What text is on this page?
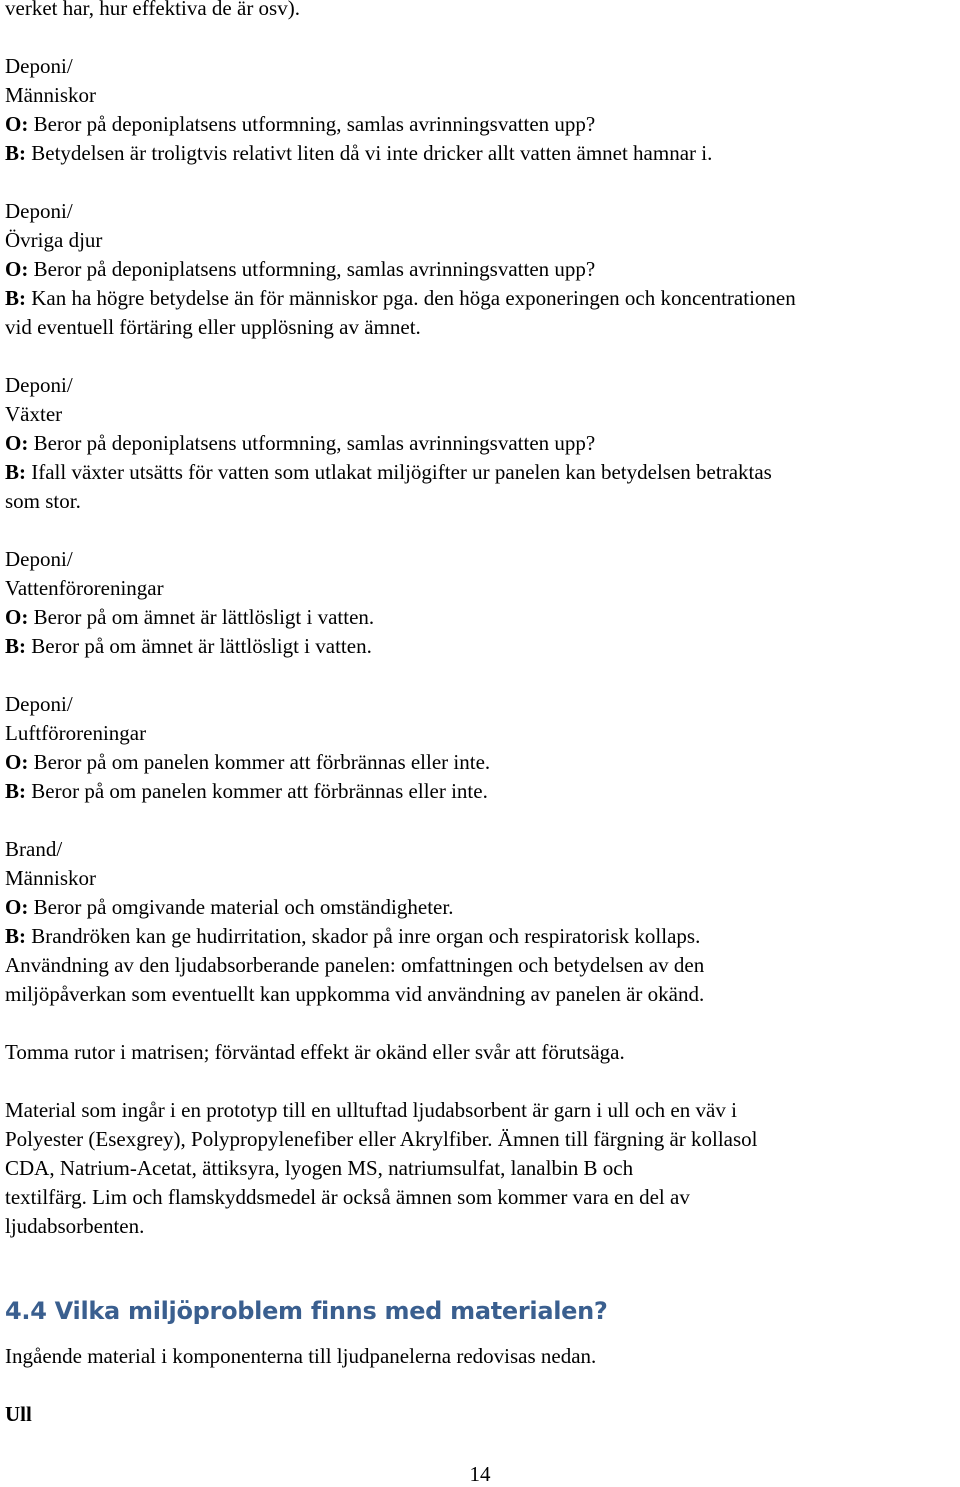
verket har, hur effektiva de är osv).

Deponi/

Människor

O: Beror på deponiplatsens utformning, samlas avrinningsvatten upp?

B: Betydelsen är troligtvis relativt liten då vi inte dricker allt vatten ämnet hamnar i.

Deponi/

Övriga djur

O: Beror på deponiplatsens utformning, samlas avrinningsvatten upp?

B: Kan ha högre betydelse än för människor pga. den höga exponeringen och koncentrationen

vid eventuell förtäring eller upplösning av ämnet.

Deponi/

Växter

O: Beror på deponiplatsens utformning, samlas avrinningsvatten upp?

B: Ifall växter utsätts för vatten som utlakat miljögifter ur panelen kan betydelsen betraktas

som stor.

Deponi/

Vattenföroreningar

O: Beror på om ämnet är lättlösligt i vatten.

B: Beror på om ämnet är lättlösligt i vatten.

Deponi/

Luftföroreningar

O: Beror på om panelen kommer att förbrännas eller inte.

B: Beror på om panelen kommer att förbrännas eller inte.

Brand/

Människor

O: Beror på omgivande material och omständigheter.

B: Brandröken kan ge hudirritation, skador på inre organ och respiratorisk kollaps.

Användning av den ljudabsorberande panelen: omfattningen och betydelsen av den

miljöpåverkan som eventuellt kan uppkomma vid användning av panelen är okänd.

Tomma rutor i matrisen; förväntad effekt är okänd eller svår att förutsäga.

Material som ingår i en prototyp till en ulltuftad ljudabsorbent är garn i ull och en väv i

Polyester (Esexgrey), Polypropylenefiber eller Akrylfiber. Ämnen till färgning är kollasol

CDA, Natrium-Acetat, ättiksyra, lyogen MS, natriumsulfat, lanalbin B och

textilfärg. Lim och flamskyddsmedel är också ämnen som kommer vara en del av

ljudabsorbenten.

4.4 Vilka miljöproblem finns med materialen?

Ingående material i komponenterna till ljudpanelerna redovisas nedan.

Ull

14
